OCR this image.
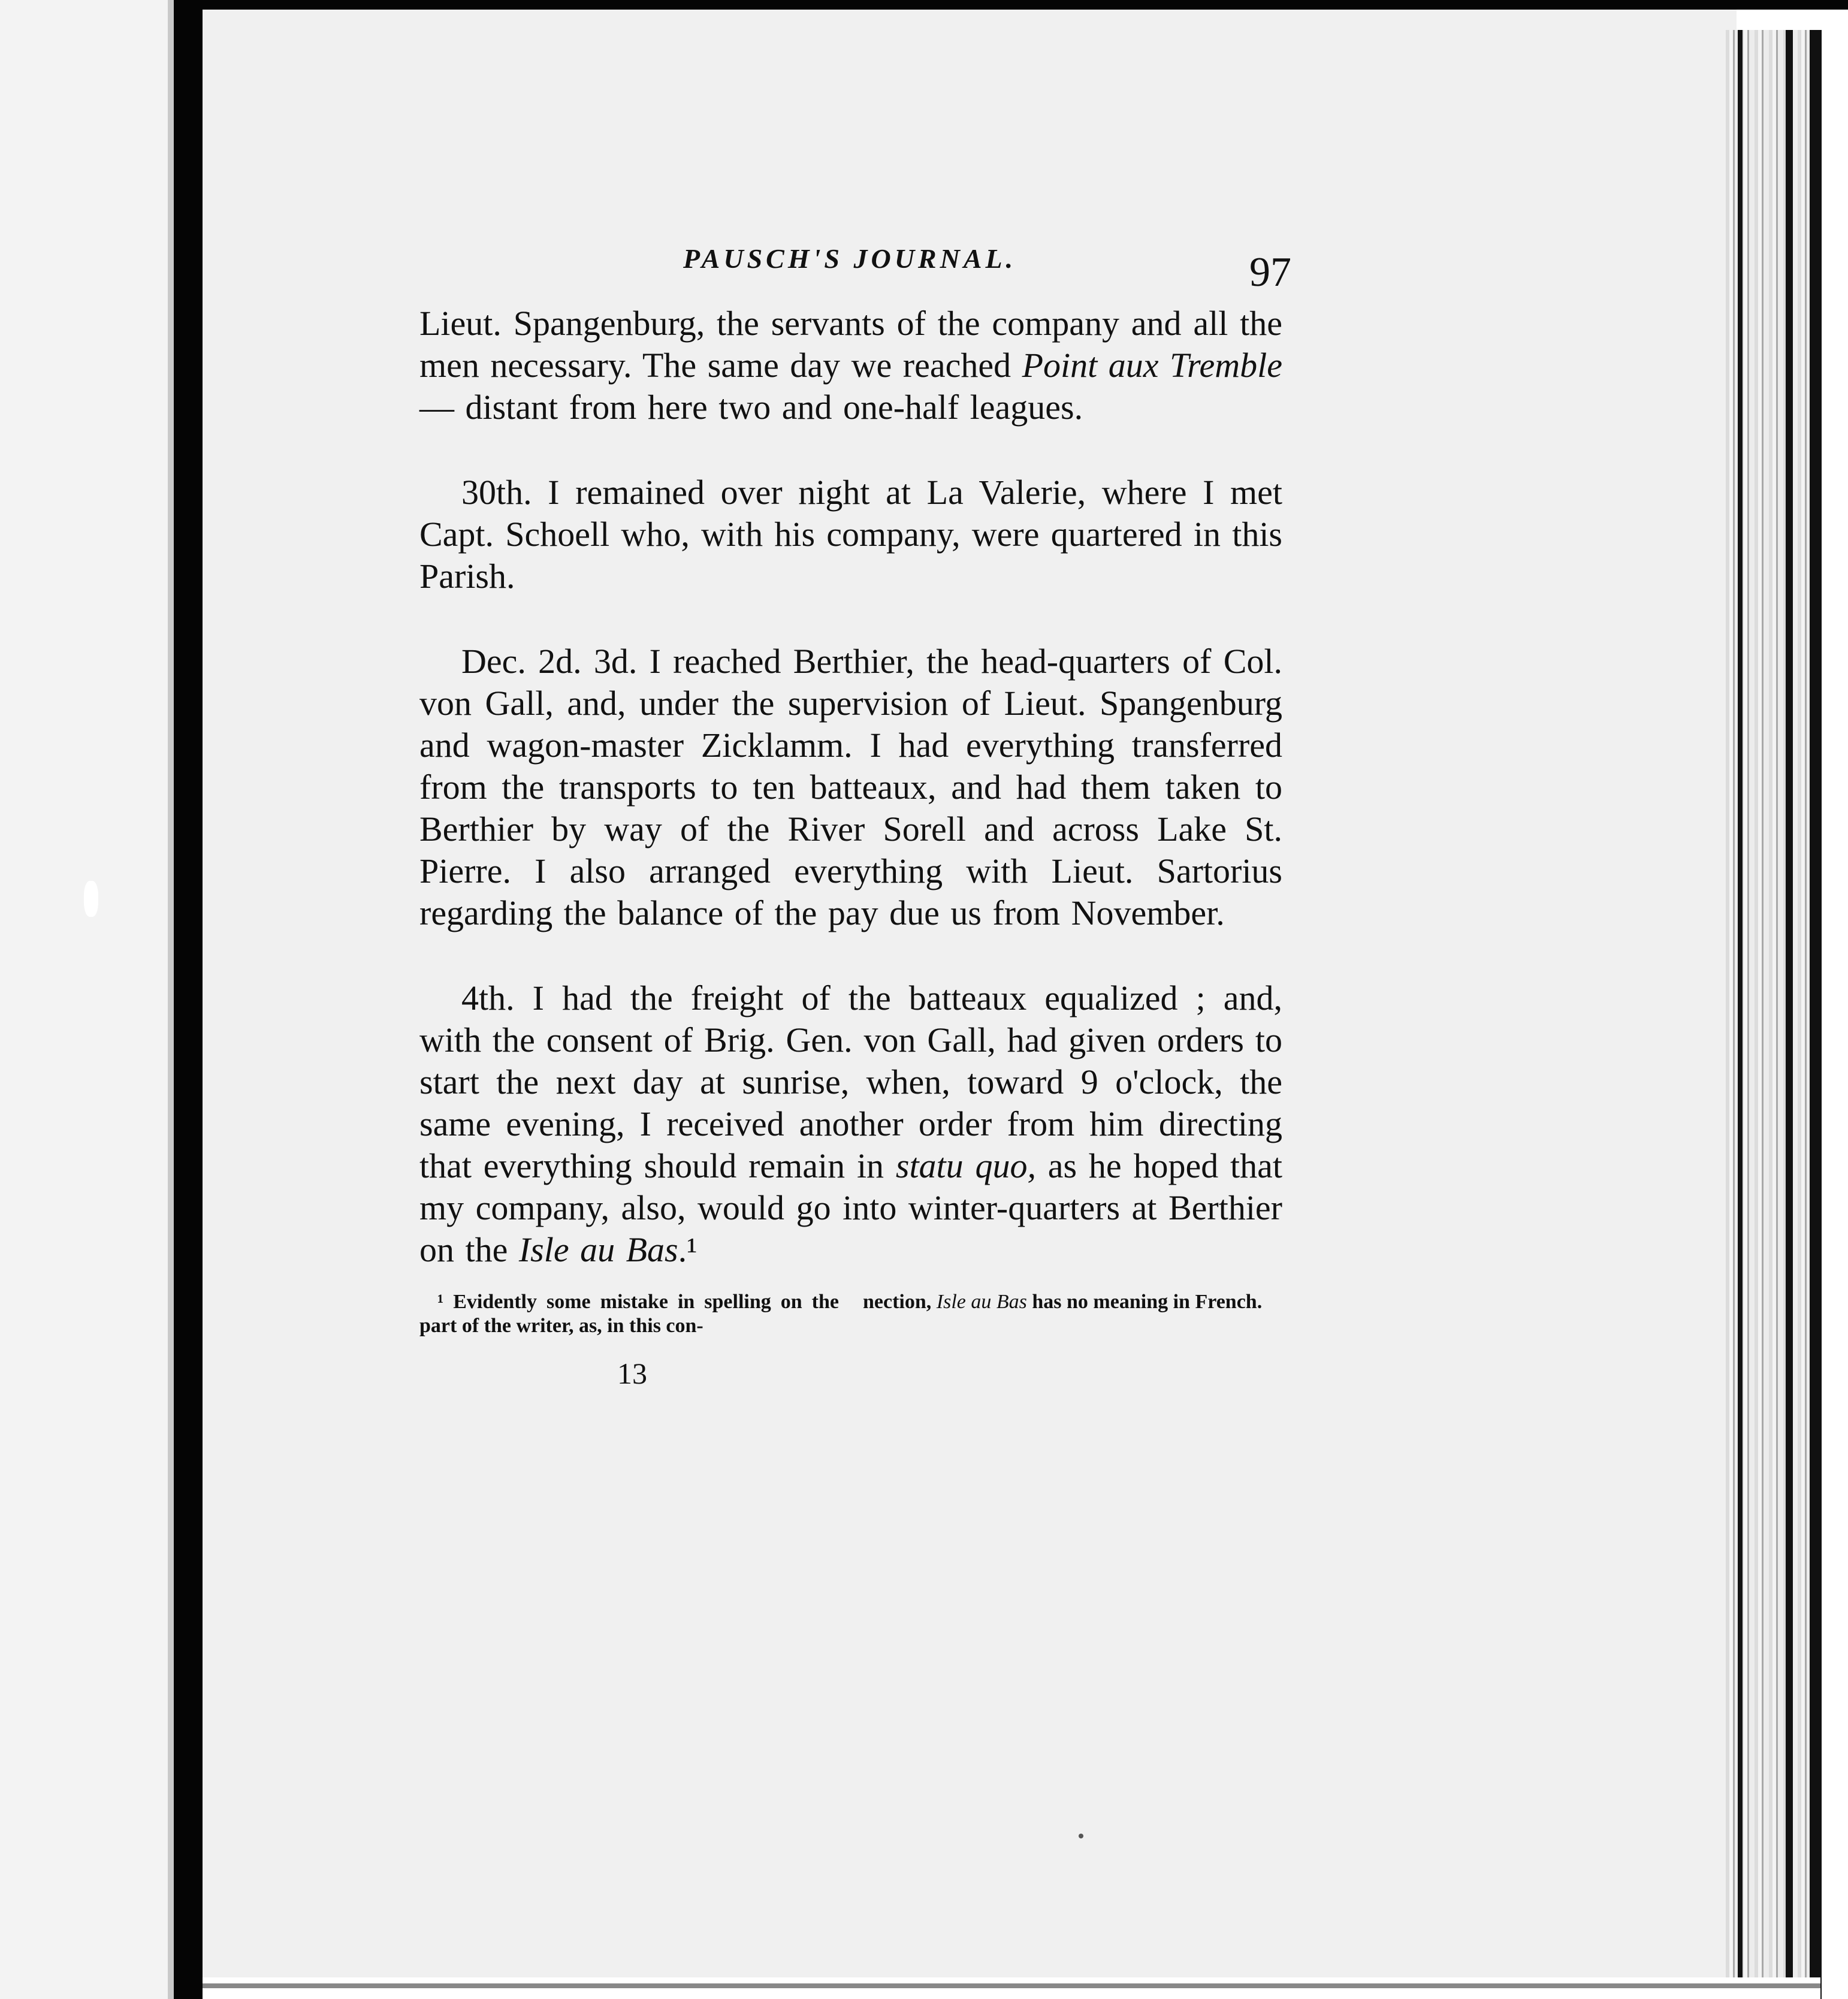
PAUSCH'S JOURNAL.	97

Lieut. Spangenburg, the servants of the company and all the men necessary. The same day we reached Point aux Tremble — distant from here two and one-half leagues.

30th. I remained over night at La Valerie, where I met Capt. Schoell who, with his company, were quartered in this Parish.

Dec. 2d. 3d. I reached Berthier, the head-quarters of Col. von Gall, and, under the supervision of Lieut. Spangenburg and wagon-master Zicklamm. I had everything transferred from the transports to ten batteaux, and had them taken to Berthier by way of the River Sorell and across Lake St. Pierre. I also arranged everything with Lieut. Sartorius regarding the balance of the pay due us from November.

4th. I had the freight of the batteaux equalized ; and, with the consent of Brig. Gen. von Gall, had given orders to start the next day at sunrise, when, toward 9 o'clock, the same evening, I received another order from him directing that everything should remain in statu quo, as he hoped that my company, also, would go into winter-quarters at Berthier on the Isle au Bas.¹

¹ Evidently some mistake in spelling on the part of the writer, as, in this con-
nection, Isle au Bas has no meaning in French.
13
